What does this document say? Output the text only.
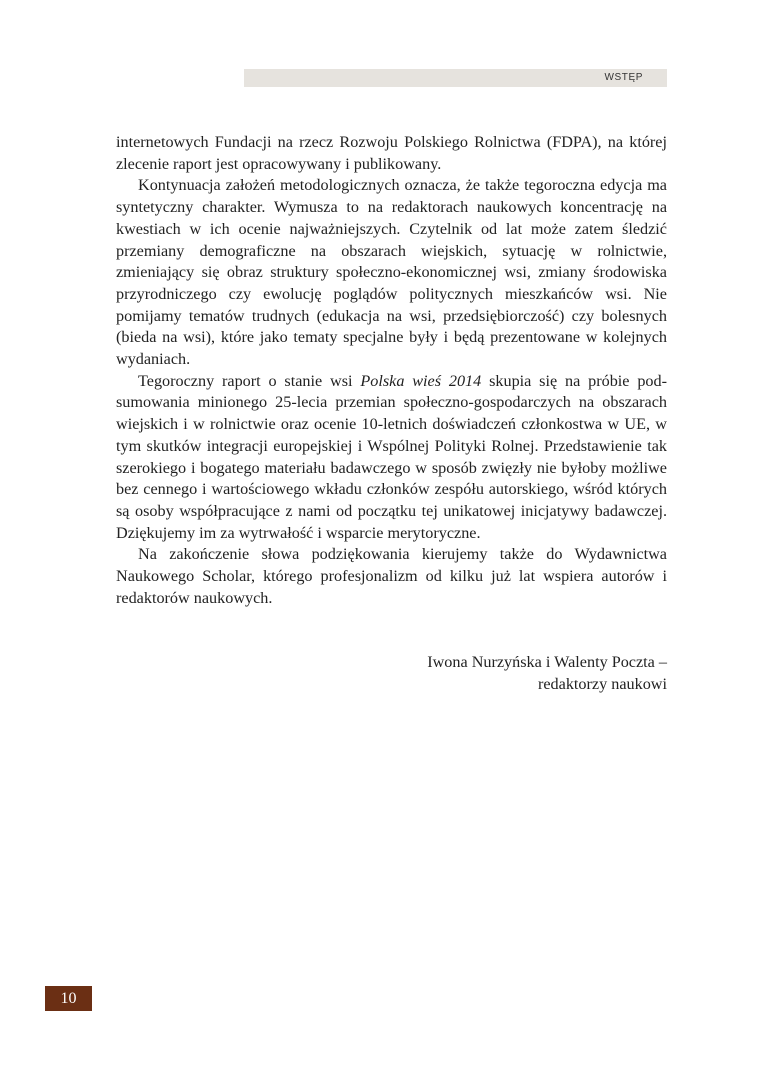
WSTĘP

internetowych Fundacji na rzecz Rozwoju Polskiego Rolnictwa (FDPA), na której zlecenie raport jest opracowywany i publikowany.

Kontynuacja założeń metodologicznych oznacza, że także tegoroczna edycja ma syntetyczny charakter. Wymusza to na redaktorach naukowych koncentrację na kwestiach w ich ocenie najważniejszych. Czytelnik od lat może zatem śledzić przemiany demograficzne na obszarach wiejskich, sytuację w rolnictwie, zmieniający się obraz struktury społeczno-ekonomicznej wsi, zmiany środowiska przyrodniczego czy ewolucję poglądów politycznych mieszkańców wsi. Nie pomijamy tematów trudnych (edukacja na wsi, przedsiębiorczość) czy bolesnych (bieda na wsi), które jako tematy specjalne były i będą prezentowane w kolejnych wydaniach.

Tegoroczny raport o stanie wsi Polska wieś 2014 skupia się na próbie podsumowania minionego 25-lecia przemian społeczno-gospodarczych na obszarach wiejskich i w rolnictwie oraz ocenie 10-letnich doświadczeń członkostwa w UE, w tym skutków integracji europejskiej i Wspólnej Polityki Rolnej. Przedstawienie tak szerokiego i bogatego materiału badawczego w sposób zwięzły nie byłoby możliwe bez cennego i wartościowego wkładu członków zespółu autorskiego, wśród których są osoby współpracujące z nami od początku tej unikatowej inicjatywy badawczej. Dziękujemy im za wytrwałość i wsparcie merytoryczne.

Na zakończenie słowa podziękowania kierujemy także do Wydawnictwa Naukowego Scholar, którego profesjonalizm od kilku już lat wspiera autorów i redaktorów naukowych.

Iwona Nurzyńska i Walenty Poczta –
redaktorzy naukowi
10
